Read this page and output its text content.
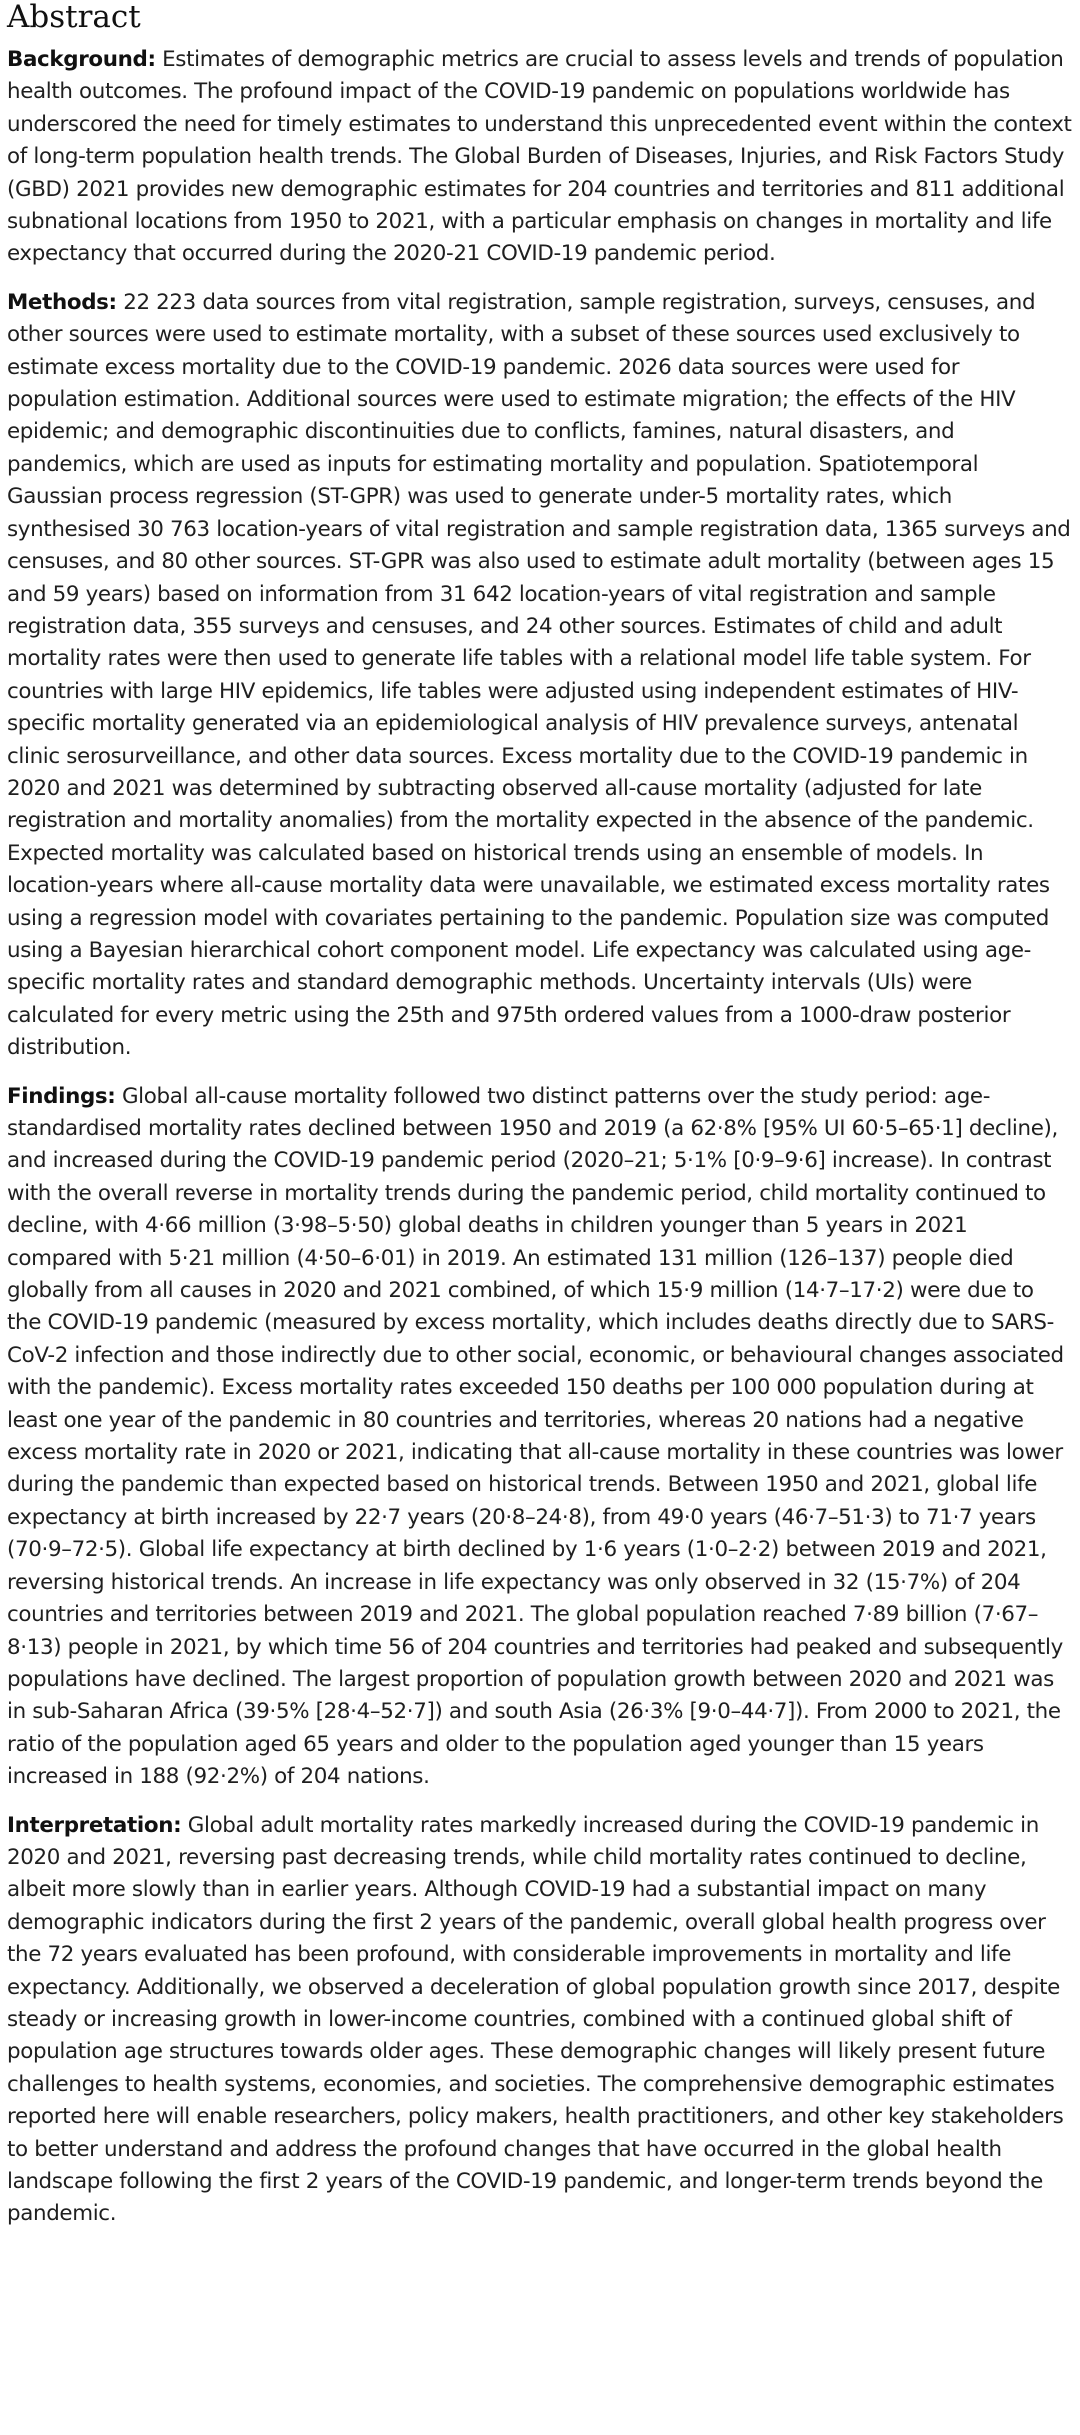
Abstract

Background: Estimates of demographic metrics are crucial to assess levels and trends of population health outcomes. The profound impact of the COVID-19 pandemic on populations worldwide has underscored the need for timely estimates to understand this unprecedented event within the context of long-term population health trends. The Global Burden of Diseases, Injuries, and Risk Factors Study (GBD) 2021 provides new demographic estimates for 204 countries and territories and 811 additional subnational locations from 1950 to 2021, with a particular emphasis on changes in mortality and life expectancy that occurred during the 2020-21 COVID-19 pandemic period.

Methods: 22 223 data sources from vital registration, sample registration, surveys, censuses, and other sources were used to estimate mortality, with a subset of these sources used exclusively to estimate excess mortality due to the COVID-19 pandemic. 2026 data sources were used for population estimation. Additional sources were used to estimate migration; the effects of the HIV epidemic; and demographic discontinuities due to conflicts, famines, natural disasters, and pandemics, which are used as inputs for estimating mortality and population. Spatiotemporal Gaussian process regression (ST-GPR) was used to generate under-5 mortality rates, which synthesised 30 763 location-years of vital registration and sample registration data, 1365 surveys and censuses, and 80 other sources. ST-GPR was also used to estimate adult mortality (between ages 15 and 59 years) based on information from 31 642 location-years of vital registration and sample registration data, 355 surveys and censuses, and 24 other sources. Estimates of child and adult mortality rates were then used to generate life tables with a relational model life table system. For countries with large HIV epidemics, life tables were adjusted using independent estimates of HIV-specific mortality generated via an epidemiological analysis of HIV prevalence surveys, antenatal clinic serosurveillance, and other data sources. Excess mortality due to the COVID-19 pandemic in 2020 and 2021 was determined by subtracting observed all-cause mortality (adjusted for late registration and mortality anomalies) from the mortality expected in the absence of the pandemic. Expected mortality was calculated based on historical trends using an ensemble of models. In location-years where all-cause mortality data were unavailable, we estimated excess mortality rates using a regression model with covariates pertaining to the pandemic. Population size was computed using a Bayesian hierarchical cohort component model. Life expectancy was calculated using age-specific mortality rates and standard demographic methods. Uncertainty intervals (UIs) were calculated for every metric using the 25th and 975th ordered values from a 1000-draw posterior distribution.

Findings: Global all-cause mortality followed two distinct patterns over the study period: age-standardised mortality rates declined between 1950 and 2019 (a 62·8% [95% UI 60·5–65·1] decline), and increased during the COVID-19 pandemic period (2020–21; 5·1% [0·9–9·6] increase). In contrast with the overall reverse in mortality trends during the pandemic period, child mortality continued to decline, with 4·66 million (3·98–5·50) global deaths in children younger than 5 years in 2021 compared with 5·21 million (4·50–6·01) in 2019. An estimated 131 million (126–137) people died globally from all causes in 2020 and 2021 combined, of which 15·9 million (14·7–17·2) were due to the COVID-19 pandemic (measured by excess mortality, which includes deaths directly due to SARS-CoV-2 infection and those indirectly due to other social, economic, or behavioural changes associated with the pandemic). Excess mortality rates exceeded 150 deaths per 100 000 population during at least one year of the pandemic in 80 countries and territories, whereas 20 nations had a negative excess mortality rate in 2020 or 2021, indicating that all-cause mortality in these countries was lower during the pandemic than expected based on historical trends. Between 1950 and 2021, global life expectancy at birth increased by 22·7 years (20·8–24·8), from 49·0 years (46·7–51·3) to 71·7 years (70·9–72·5). Global life expectancy at birth declined by 1·6 years (1·0–2·2) between 2019 and 2021, reversing historical trends. An increase in life expectancy was only observed in 32 (15·7%) of 204 countries and territories between 2019 and 2021. The global population reached 7·89 billion (7·67–8·13) people in 2021, by which time 56 of 204 countries and territories had peaked and subsequently populations have declined. The largest proportion of population growth between 2020 and 2021 was in sub-Saharan Africa (39·5% [28·4–52·7]) and south Asia (26·3% [9·0–44·7]). From 2000 to 2021, the ratio of the population aged 65 years and older to the population aged younger than 15 years increased in 188 (92·2%) of 204 nations.

Interpretation: Global adult mortality rates markedly increased during the COVID-19 pandemic in 2020 and 2021, reversing past decreasing trends, while child mortality rates continued to decline, albeit more slowly than in earlier years. Although COVID-19 had a substantial impact on many demographic indicators during the first 2 years of the pandemic, overall global health progress over the 72 years evaluated has been profound, with considerable improvements in mortality and life expectancy. Additionally, we observed a deceleration of global population growth since 2017, despite steady or increasing growth in lower-income countries, combined with a continued global shift of population age structures towards older ages. These demographic changes will likely present future challenges to health systems, economies, and societies. The comprehensive demographic estimates reported here will enable researchers, policy makers, health practitioners, and other key stakeholders to better understand and address the profound changes that have occurred in the global health landscape following the first 2 years of the COVID-19 pandemic, and longer-term trends beyond the pandemic.
